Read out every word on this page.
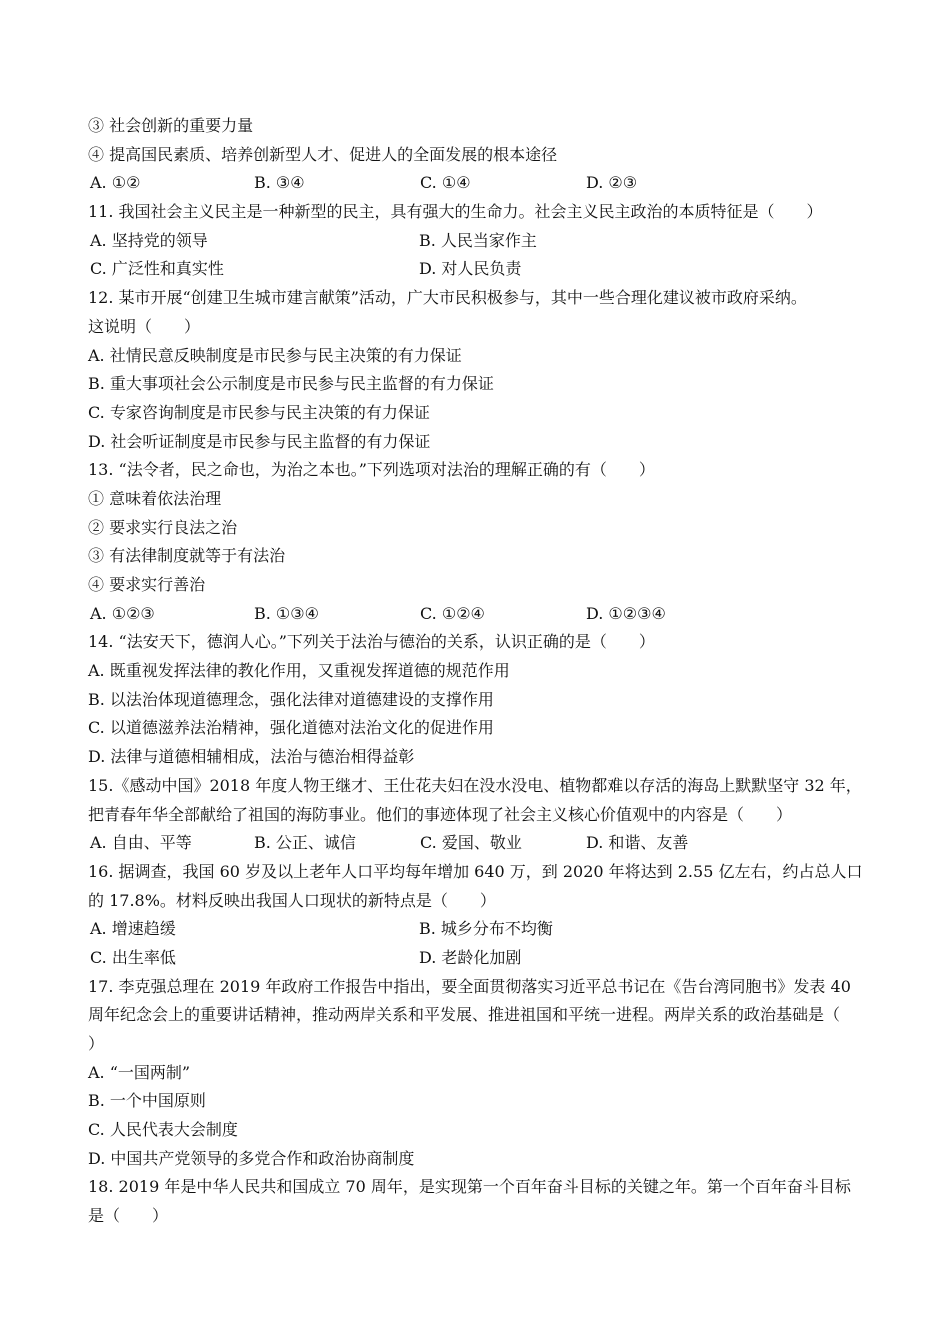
③ 社会创新的重要力量
④ 提高国民素质、培养创新型人才、促进人的全面发展的根本途径
A. ①②	B. ③④	C. ①④	D. ②③
11. 我国社会主义民主是一种新型的民主，具有强大的生命力。社会主义民主政治的本质特征是（　　）
A. 坚持党的领导	B. 人民当家作主
C. 广泛性和真实性	D. 对人民负责
12. 某市开展“创建卫生城市建言献策”活动，广大市民积极参与，其中一些合理化建议被市政府采纳。
这说明（　　）
A. 社情民意反映制度是市民参与民主决策的有力保证
B. 重大事项社会公示制度是市民参与民主监督的有力保证
C. 专家咨询制度是市民参与民主决策的有力保证
D. 社会听证制度是市民参与民主监督的有力保证
13. “法令者，民之命也，为治之本也。”下列选项对法治的理解正确的有（　　）
① 意味着依法治理
② 要求实行良法之治
③ 有法律制度就等于有法治
④ 要求实行善治
A. ①②③	B. ①③④	C. ①②④	D. ①②③④
14. “法安天下，德润人心。”下列关于法治与德治的关系，认识正确的是（　　）
A. 既重视发挥法律的教化作用，又重视发挥道德的规范作用
B. 以法治体现道德理念，强化法律对道德建设的支撑作用
C. 以道德滋养法治精神，强化道德对法治文化的促进作用
D. 法律与道德相辅相成，法治与德治相得益彰
15.《感动中国》2018 年度人物王继才、王仕花夫妇在没水没电、植物都难以存活的海岛上默默坚守 32 年，
把青春年华全部献给了祖国的海防事业。他们的事迹体现了社会主义核心价值观中的内容是（　　）
A. 自由、平等	B. 公正、诚信	C. 爱国、敬业	D. 和谐、友善
16. 据调查，我国 60 岁及以上老年人口平均每年增加 640 万，到 2020 年将达到 2.55 亿左右，约占总人口
的 17.8%。材料反映出我国人口现状的新特点是（　　）
A. 增速趋缓	B. 城乡分布不均衡
C. 出生率低	D. 老龄化加剧
17. 李克强总理在 2019 年政府工作报告中指出，要全面贯彻落实习近平总书记在《告台湾同胞书》发表 40
周年纪念会上的重要讲话精神，推动两岸关系和平发展、推进祖国和平统一进程。两岸关系的政治基础是（
）
A. “一国两制”
B. 一个中国原则
C. 人民代表大会制度
D. 中国共产党领导的多党合作和政治协商制度
18. 2019 年是中华人民共和国成立 70 周年，是实现第一个百年奋斗目标的关键之年。第一个百年奋斗目标
是（　　）
